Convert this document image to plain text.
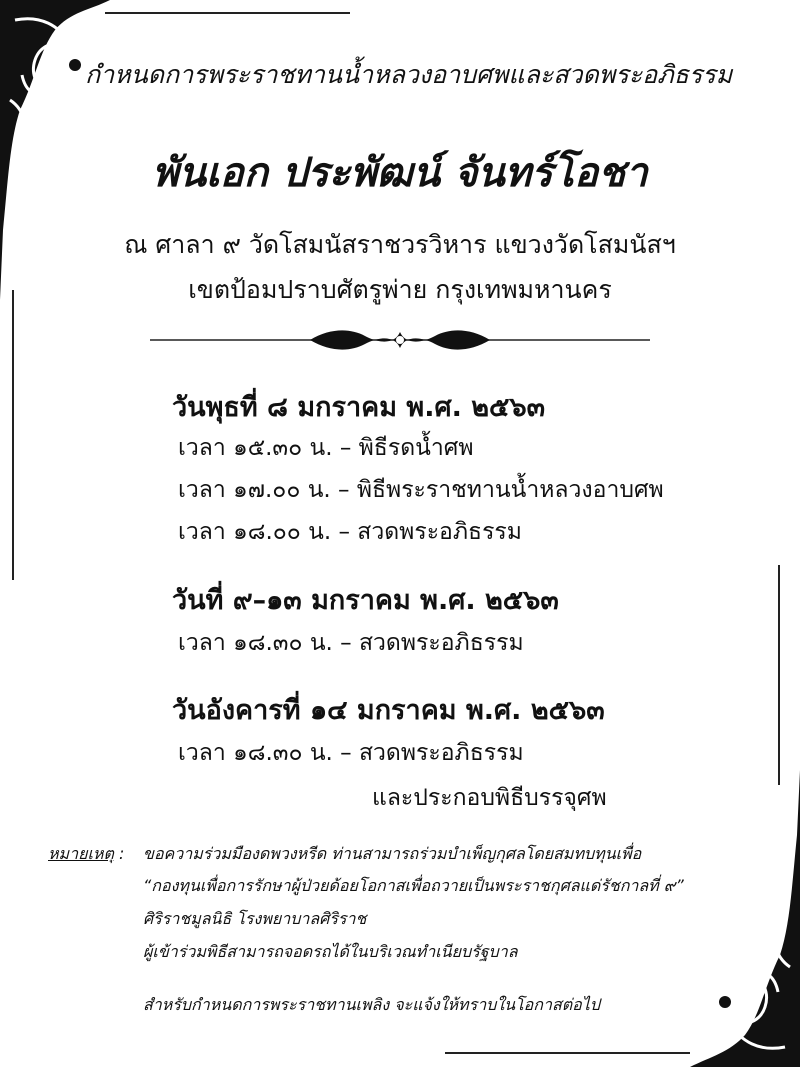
กำหนดการพระราชทานน้ำหลวงอาบศพและสวดพระอภิธรรม
พันเอก ประพัฒน์ จันทร์โอชา
ณ ศาลา ๙ วัดโสมนัสราชวรวิหาร แขวงวัดโสมนัสฯ
เขตป้อมปราบศัตรูพ่าย กรุงเทพมหานคร
วันพุธที่ ๘ มกราคม พ.ศ. ๒๕๖๓
เวลา ๑๕.๓๐ น. – พิธีรดน้ำศพ
เวลา ๑๗.๐๐ น. – พิธีพระราชทานน้ำหลวงอาบศพ
เวลา ๑๘.๐๐ น. – สวดพระอภิธรรม
วันที่ ๙–๑๓ มกราคม พ.ศ. ๒๕๖๓
เวลา ๑๘.๓๐ น. – สวดพระอภิธรรม
วันอังคารที่ ๑๔ มกราคม พ.ศ. ๒๕๖๓
เวลา ๑๘.๓๐ น. – สวดพระอภิธรรม
และประกอบพิธีบรรจุศพ
หมายเหตุ : ขอความร่วมมืองดพวงหรีด ท่านสามารถร่วมบำเพ็ญกุศลโดยสมทบทุนเพื่อ
“กองทุนเพื่อการรักษาผู้ป่วยด้อยโอกาสเพื่อถวายเป็นพระราชกุศลแด่รัชกาลที่ ๙”
ศิริราชมูลนิธิ โรงพยาบาลศิริราช
ผู้เข้าร่วมพิธีสามารถจอดรถได้ในบริเวณทำเนียบรัฐบาล
สำหรับกำหนดการพระราชทานเพลิง จะแจ้งให้ทราบในโอกาสต่อไป
